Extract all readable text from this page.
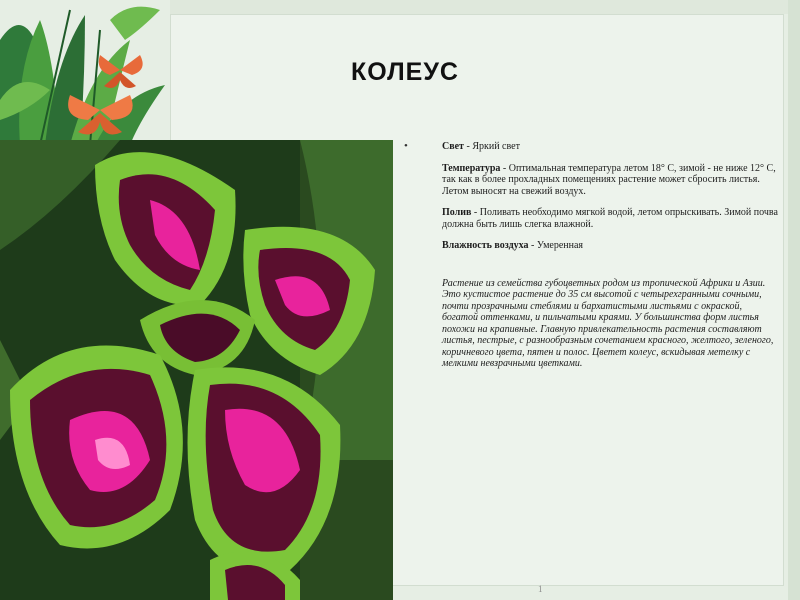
КОЛЕУС
•	Свет - Яркий свет
Температура - Оптимальная температура летом 18° С, зимой - не ниже 12° С, так как в более прохладных помещениях растение может сбросить листья. Летом выносят на свежий воздух.
Полив - Поливать необходимо мягкой водой, летом опрыскивать. Зимой почва должна быть лишь слегка влажной.
Влажность воздуха - Умеренная
Растение из семейства губоцветных родом из тропической Африки и Азии. Это кустистое растение до 35 см высотой с четырехгранными сочными, почти прозрачными стеблями и бархатистыми листьями с окраской, богатой оттенками, и пильчатыми краями. У большинства форм листья похожи на крапивные. Главную привлекательность растения составляют листья, пестрые, с разнообразным сочетанием красного, желтого, зеленого, коричневого цвета, пятен и полос. Цветет колеус, вскидывая метелку с мелкими невзрачными цветками.
1
